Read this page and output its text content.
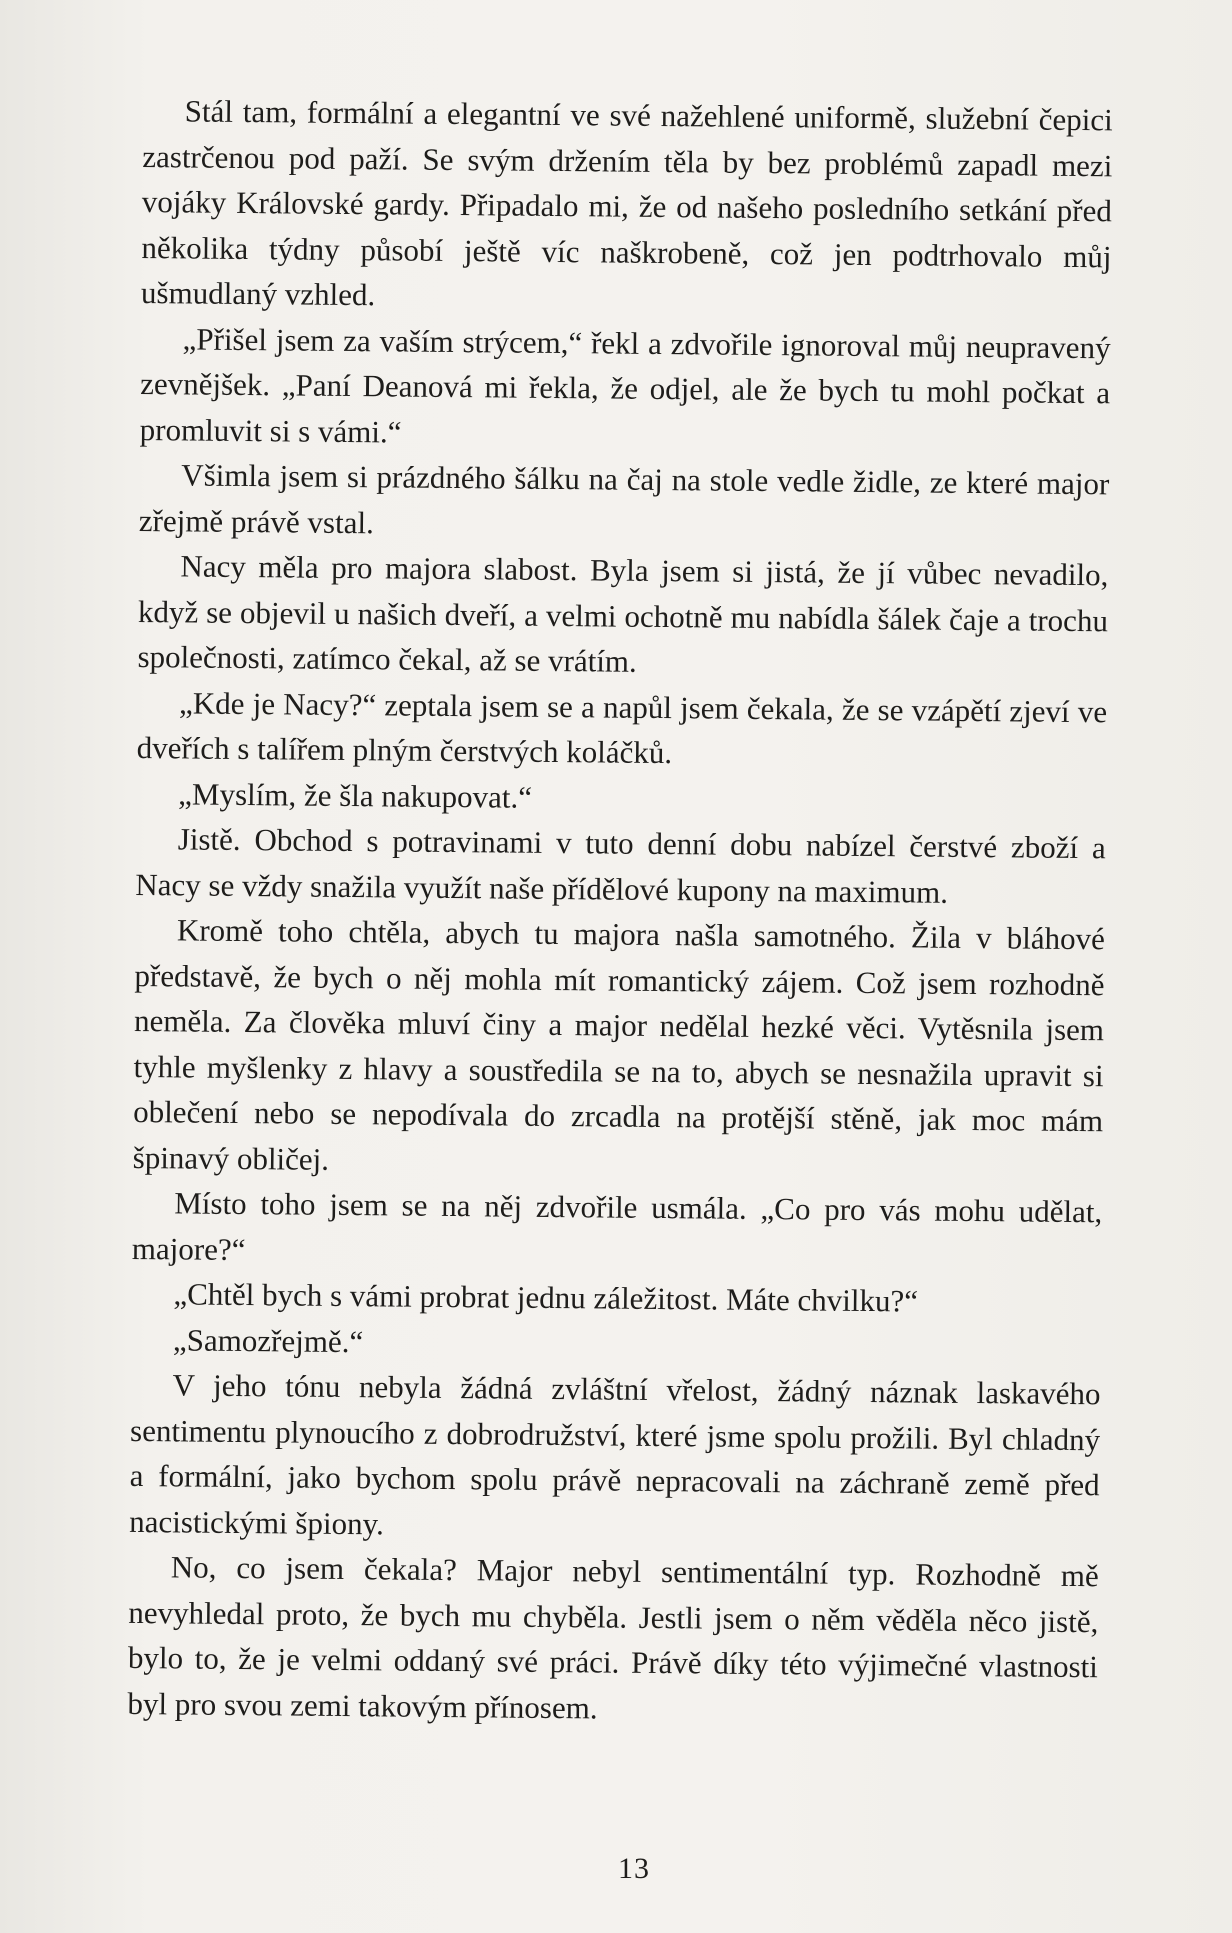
Stál tam, formální a elegantní ve své nažehlené uniformě, služební čepici zastrčenou pod paží. Se svým držením těla by bez problémů zapadl mezi vojáky Královské gardy. Připadalo mi, že od našeho posledního setkání před několika týdny působí ještě víc naškrobeně, což jen podtrhovalo můj ušmudlaný vzhled.

„Přišel jsem za vaším strýcem,“ řekl a zdvořile ignoroval můj neupravený zevnějšek. „Paní Deanová mi řekla, že odjel, ale že bych tu mohl počkat a promluvit si s vámi.“

Všimla jsem si prázdného šálku na čaj na stole vedle židle, ze které major zřejmě právě vstal.

Nacy měla pro majora slabost. Byla jsem si jistá, že jí vůbec nevadilo, když se objevil u našich dveří, a velmi ochotně mu nabídla šálek čaje a trochu společnosti, zatímco čekal, až se vrátím.

„Kde je Nacy?“ zeptala jsem se a napůl jsem čekala, že se vzápětí zjeví ve dveřích s talířem plným čerstvých koláčků.

„Myslím, že šla nakupovat.“

Jistě. Obchod s potravinami v tuto denní dobu nabízel čerstvé zboží a Nacy se vždy snažila využít naše přídělové kupony na maximum.

Kromě toho chtěla, abych tu majora našla samotného. Žila v bláhové představě, že bych o něj mohla mít romantický zájem. Což jsem rozhodně neměla. Za člověka mluví činy a major nedělal hezké věci. Vytěsnila jsem tyhle myšlenky z hlavy a soustředila se na to, abych se nesnažila upravit si oblečení nebo se nepodívala do zrcadla na protější stěně, jak moc mám špinavý obličej.

Místo toho jsem se na něj zdvořile usmála. „Co pro vás mohu udělat, majore?“

„Chtěl bych s vámi probrat jednu záležitost. Máte chvilku?“

„Samozřejmě.“

V jeho tónu nebyla žádná zvláštní vřelost, žádný náznak laskavého sentimentu plynoucího z dobrodružství, které jsme spolu prožili. Byl chladný a formální, jako bychom spolu právě nepracovali na záchraně země před nacistickými špiony.

No, co jsem čekala? Major nebyl sentimentální typ. Rozhodně mě nevyhledal proto, že bych mu chyběla. Jestli jsem o něm věděla něco jistě, bylo to, že je velmi oddaný své práci. Právě díky této výjimečné vlastnosti byl pro svou zemi takovým přínosem.

13
